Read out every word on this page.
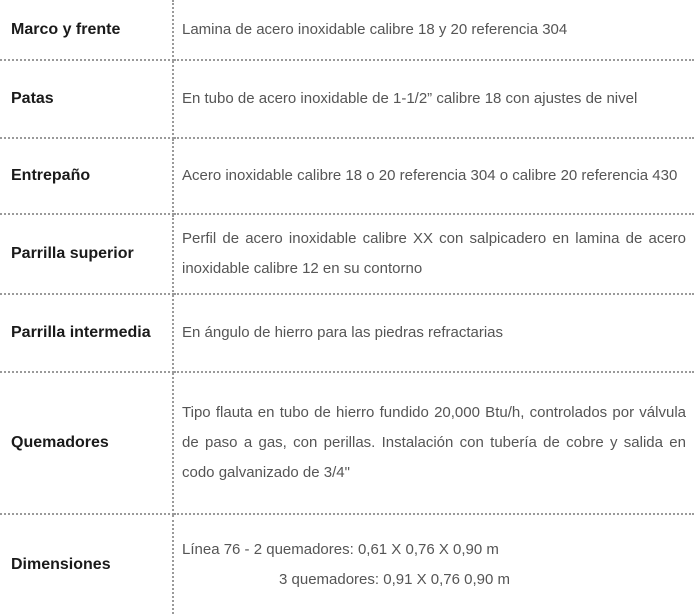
Marco y frente	Lamina de acero inoxidable calibre 18 y 20 referencia 304

Patas	En tubo de acero inoxidable de 1-1/2” calibre 18 con ajustes de nivel

Entrepaño	Acero inoxidable calibre 18 o 20 referencia 304 o calibre 20 referencia 430

Parrilla superior	Perfil de acero inoxidable calibre XX con salpicadero en lamina de acero inoxidable calibre 12 en su contorno

Parrilla intermedia	En ángulo de hierro para las piedras refractarias

Quemadores	Tipo flauta en tubo de hierro fundido 20,000 Btu/h, controlados por válvula de paso a gas, con perillas. Instalación con tubería de cobre y salida en codo galvanizado de 3/4"

Dimensiones	Línea 76 - 2 quemadores: 0,61 X 0,76 X 0,90 m
3 quemadores: 0,91 X 0,76 0,90 m
